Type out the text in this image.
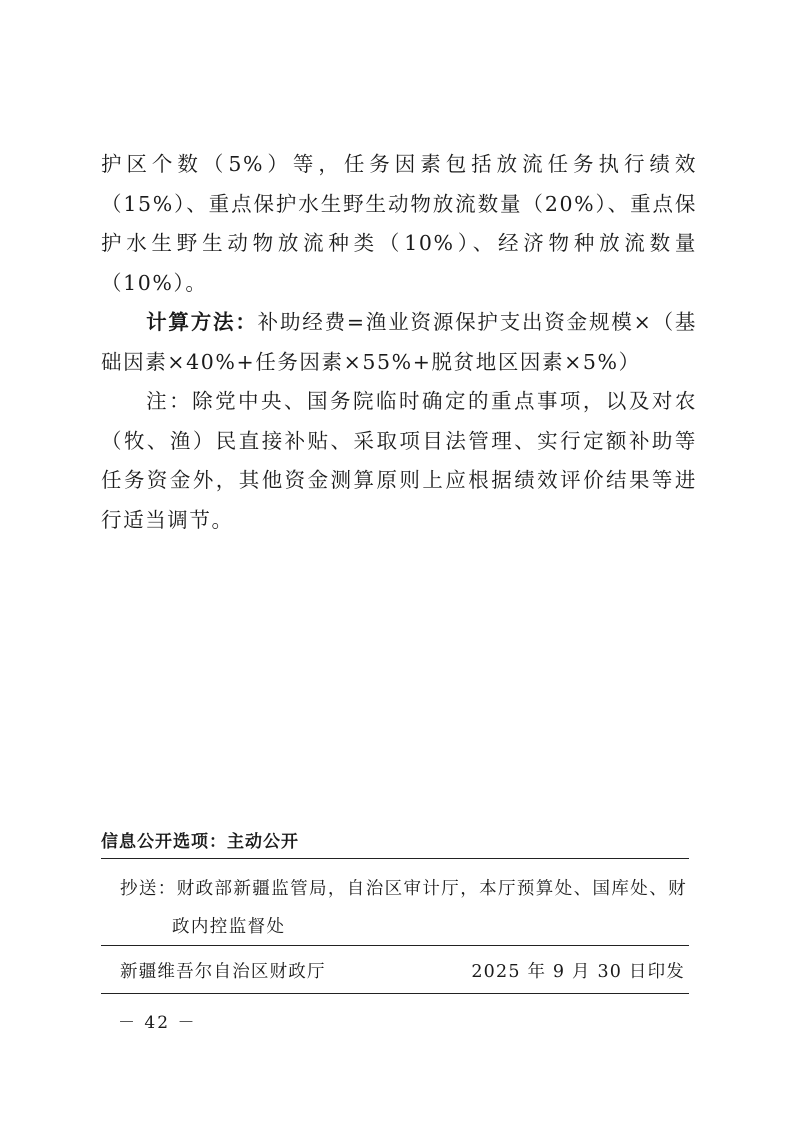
护区个数（5%）等，任务因素包括放流任务执行绩效（15%）、重点保护水生野生动物放流数量（20%）、重点保护水生野生动物放流种类（10%）、经济物种放流数量（10%）。

计算方法：补助经费=渔业资源保护支出资金规模×（基础因素×40%+任务因素×55%+脱贫地区因素×5%）

注：除党中央、国务院临时确定的重点事项，以及对农（牧、渔）民直接补贴、采取项目法管理、实行定额补助等任务资金外，其他资金测算原则上应根据绩效评价结果等进行适当调节。

信息公开选项：主动公开
抄送：财政部新疆监管局，自治区审计厅，本厅预算处、国库处、财
政内控监督处
新疆维吾尔自治区财政厅	2025 年 9 月 30 日印发
－ 42 －
